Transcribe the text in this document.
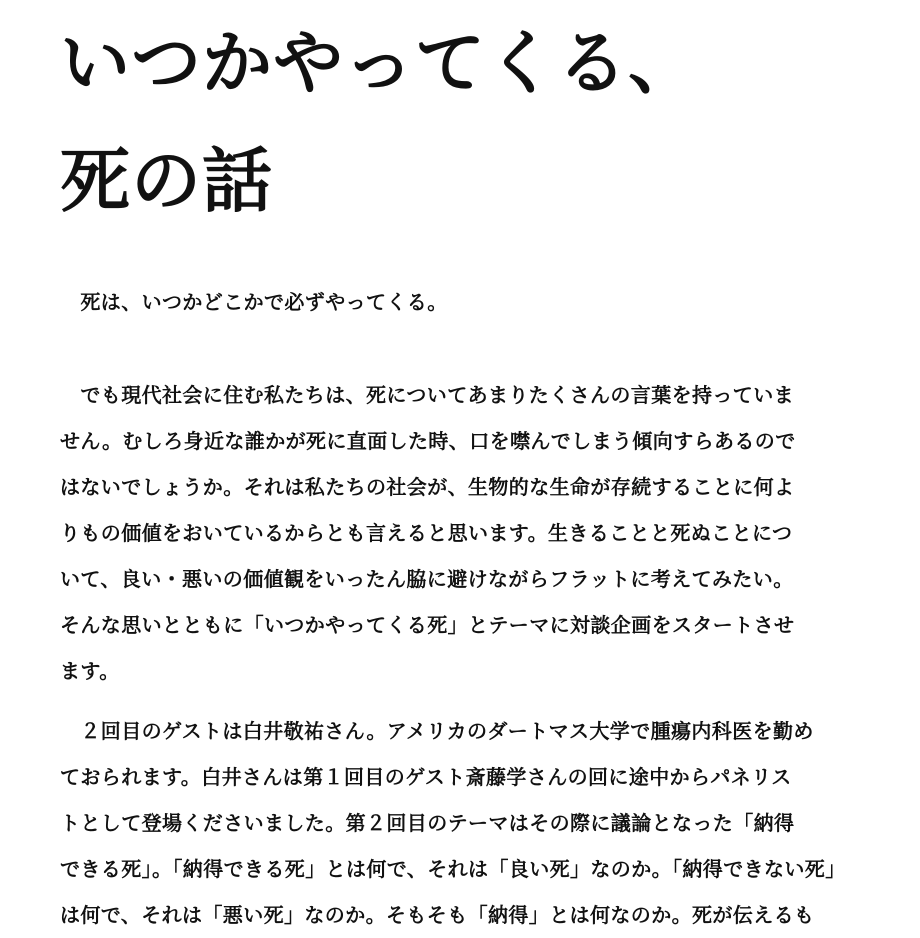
いつかやってくる、
死の話

　死は、いつかどこかで必ずやってくる。

　でも現代社会に住む私たちは、死についてあまりたくさんの言葉を持っていま
せん。むしろ身近な誰かが死に直面した時、口を噤んでしまう傾向すらあるので
はないでしょうか。それは私たちの社会が、生物的な生命が存続することに何よ
りもの価値をおいているからとも言えると思います。生きることと死ぬことにつ
いて、良い・悪いの価値観をいったん脇に避けながらフラットに考えてみたい。
そんな思いとともに「いつかやってくる死」とテーマに対談企画をスタートさせ
ます。

　２回目のゲストは白井敬祐さん。アメリカのダートマス大学で腫瘍内科医を勤め
ておられます。白井さんは第１回目のゲスト斎藤学さんの回に途中からパネリス
トとして登場くださいました。第２回目のテーマはその際に議論となった「納得
できる死」。「納得できる死」とは何で、それは「良い死」なのか。「納得できない死」
は何で、それは「悪い死」なのか。そもそも「納得」とは何なのか。死が伝えるも
